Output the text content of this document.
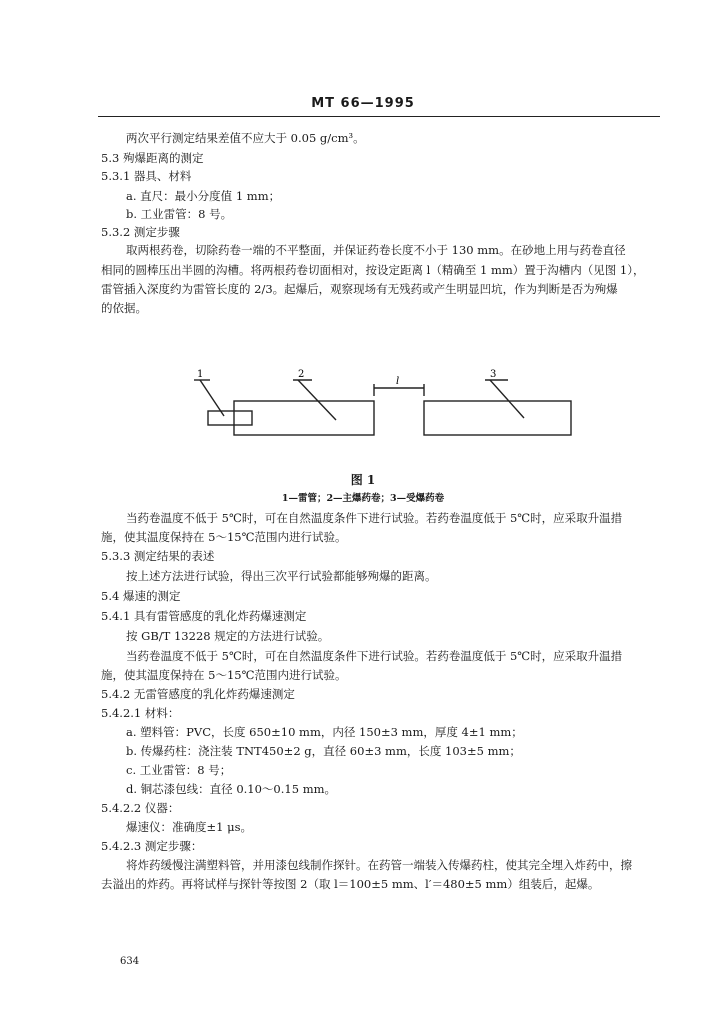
MT 66—1995
两次平行测定结果差值不应大于 0.05 g/cm³。
5.3 殉爆距离的测定
5.3.1 器具、材料
a. 直尺：最小分度值 1 mm；
b. 工业雷管：8 号。
5.3.2 测定步骤
取两根药卷，切除药卷一端的不平整面，并保证药卷长度不小于 130 mm。在砂地上用与药卷直径
相同的圆棒压出半圆的沟槽。将两根药卷切面相对，按设定距离 l（精确至 1 mm）置于沟槽内（见图 1），
雷管插入深度约为雷管长度的 2/3。起爆后，观察现场有无残药或产生明显凹坑，作为判断是否为殉爆
的依据。
1	2	3
l
图 1
1—雷管；2—主爆药卷；3—受爆药卷
当药卷温度不低于 5℃时，可在自然温度条件下进行试验。若药卷温度低于 5℃时，应采取升温措
施，使其温度保持在 5～15℃范围内进行试验。
5.3.3 测定结果的表述
按上述方法进行试验，得出三次平行试验都能够殉爆的距离。
5.4 爆速的测定
5.4.1 具有雷管感度的乳化炸药爆速测定
按 GB/T 13228 规定的方法进行试验。
当药卷温度不低于 5℃时，可在自然温度条件下进行试验。若药卷温度低于 5℃时，应采取升温措
施，使其温度保持在 5～15℃范围内进行试验。
5.4.2 无雷管感度的乳化炸药爆速测定
5.4.2.1 材料：
a. 塑料管：PVC，长度 650±10 mm，内径 150±3 mm，厚度 4±1 mm；
b. 传爆药柱：浇注装 TNT450±2 g，直径 60±3 mm，长度 103±5 mm；
c. 工业雷管：8 号；
d. 铜芯漆包线：直径 0.10～0.15 mm。
5.4.2.2 仪器：
爆速仪：准确度±1 μs。
5.4.2.3 测定步骤：
将炸药缓慢注满塑料管，并用漆包线制作探针。在药管一端装入传爆药柱，使其完全埋入炸药中，擦
去溢出的炸药。再将试样与探针等按图 2（取 l＝100±5 mm、l′＝480±5 mm）组装后，起爆。
634
